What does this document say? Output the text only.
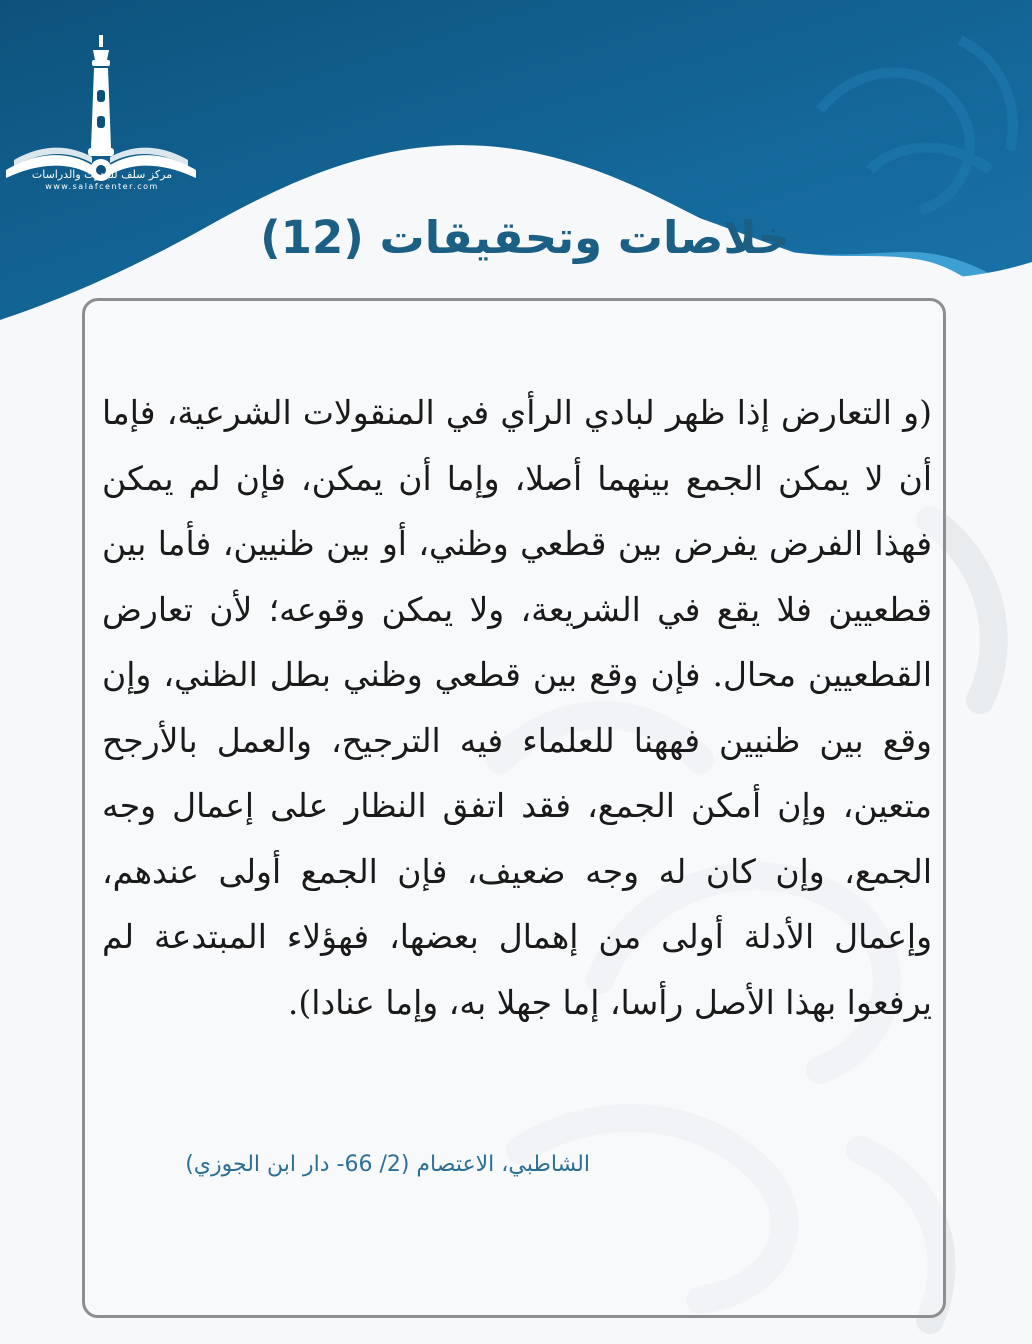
مركز سلف للبحوث والدراسات
www.salafcenter.com
خلاصات وتحقيقات (12)
(و التعارض إذا ظهر لبادي الرأي في المنقولات الشرعية، فإما أن لا يمكن الجمع بينهما أصلا، وإما أن يمكن، فإن لم يمكن فهذا الفرض يفرض بين قطعي وظني، أو بين ظنيين، فأما بين قطعيين فلا يقع في الشريعة، ولا يمكن وقوعه؛ لأن تعارض القطعيين محال. فإن وقع بين قطعي وظني بطل الظني، وإن وقع بين ظنيين فههنا للعلماء فيه الترجيح، والعمل بالأرجح متعين، وإن أمكن الجمع، فقد اتفق النظار على إعمال وجه الجمع، وإن كان له وجه ضعيف، فإن الجمع أولى عندهم، وإعمال الأدلة أولى من إهمال بعضها، فهؤلاء المبتدعة لم يرفعوا بهذا الأصل رأسا، إما جهلا به، وإما عنادا).
الشاطبي، الاعتصام (2/ 66- دار ابن الجوزي)
